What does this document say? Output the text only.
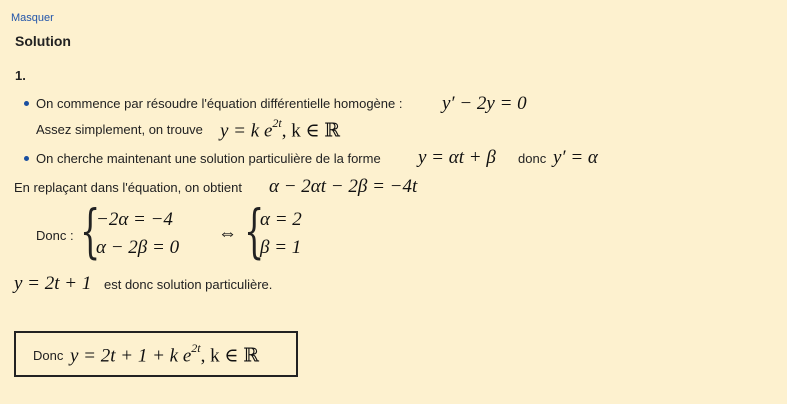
Masquer
Solution
1.
On commence par résoudre l'équation différentielle homogène : y′ − 2y = 0
Assez simplement, on trouve y = k $e^{2t}$, k ∈ ℝ
On cherche maintenant une solution particulière de la forme y = αt + β donc y′ = α
En replaçant dans l'équation, on obtient α − 2αt − 2β = −4t
Donc : {
−2α = −4
α − 2β = 0
⇔ {
α = 2
β = 1
y = 2t + 1 est donc solution particulière.
Donc y = 2t + 1 + k $e^{2t}$, k ∈ ℝ
